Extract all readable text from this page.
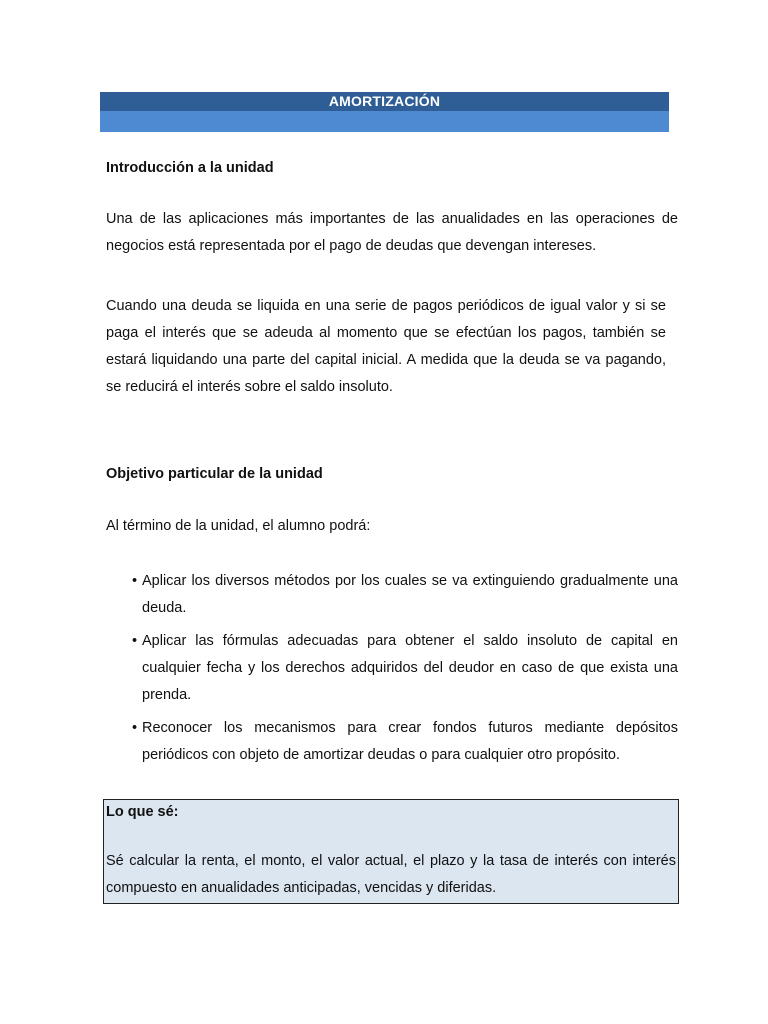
AMORTIZACIÓN
Introducción a la unidad
Una de las aplicaciones más importantes de las anualidades en las operaciones de negocios está representada por el pago de deudas que devengan intereses.
Cuando una deuda se liquida en una serie de pagos periódicos de igual valor y si se paga el interés que se adeuda al momento que se efectúan los pagos, también se estará liquidando una parte del capital inicial. A medida que la deuda se va pagando, se reducirá el interés sobre el saldo insoluto.
Objetivo particular de la unidad
Al término de la unidad, el alumno podrá:
• Aplicar los diversos métodos por los cuales se va extinguiendo gradualmente una deuda.
• Aplicar las fórmulas adecuadas para obtener el saldo insoluto de capital en cualquier fecha y los derechos adquiridos del deudor en caso de que exista una prenda.
• Reconocer los mecanismos para crear fondos futuros mediante depósitos periódicos con objeto de amortizar deudas o para cualquier otro propósito.
Lo que sé:
Sé calcular la renta, el monto, el valor actual, el plazo y la tasa de interés con interés compuesto en anualidades anticipadas, vencidas y diferidas.
